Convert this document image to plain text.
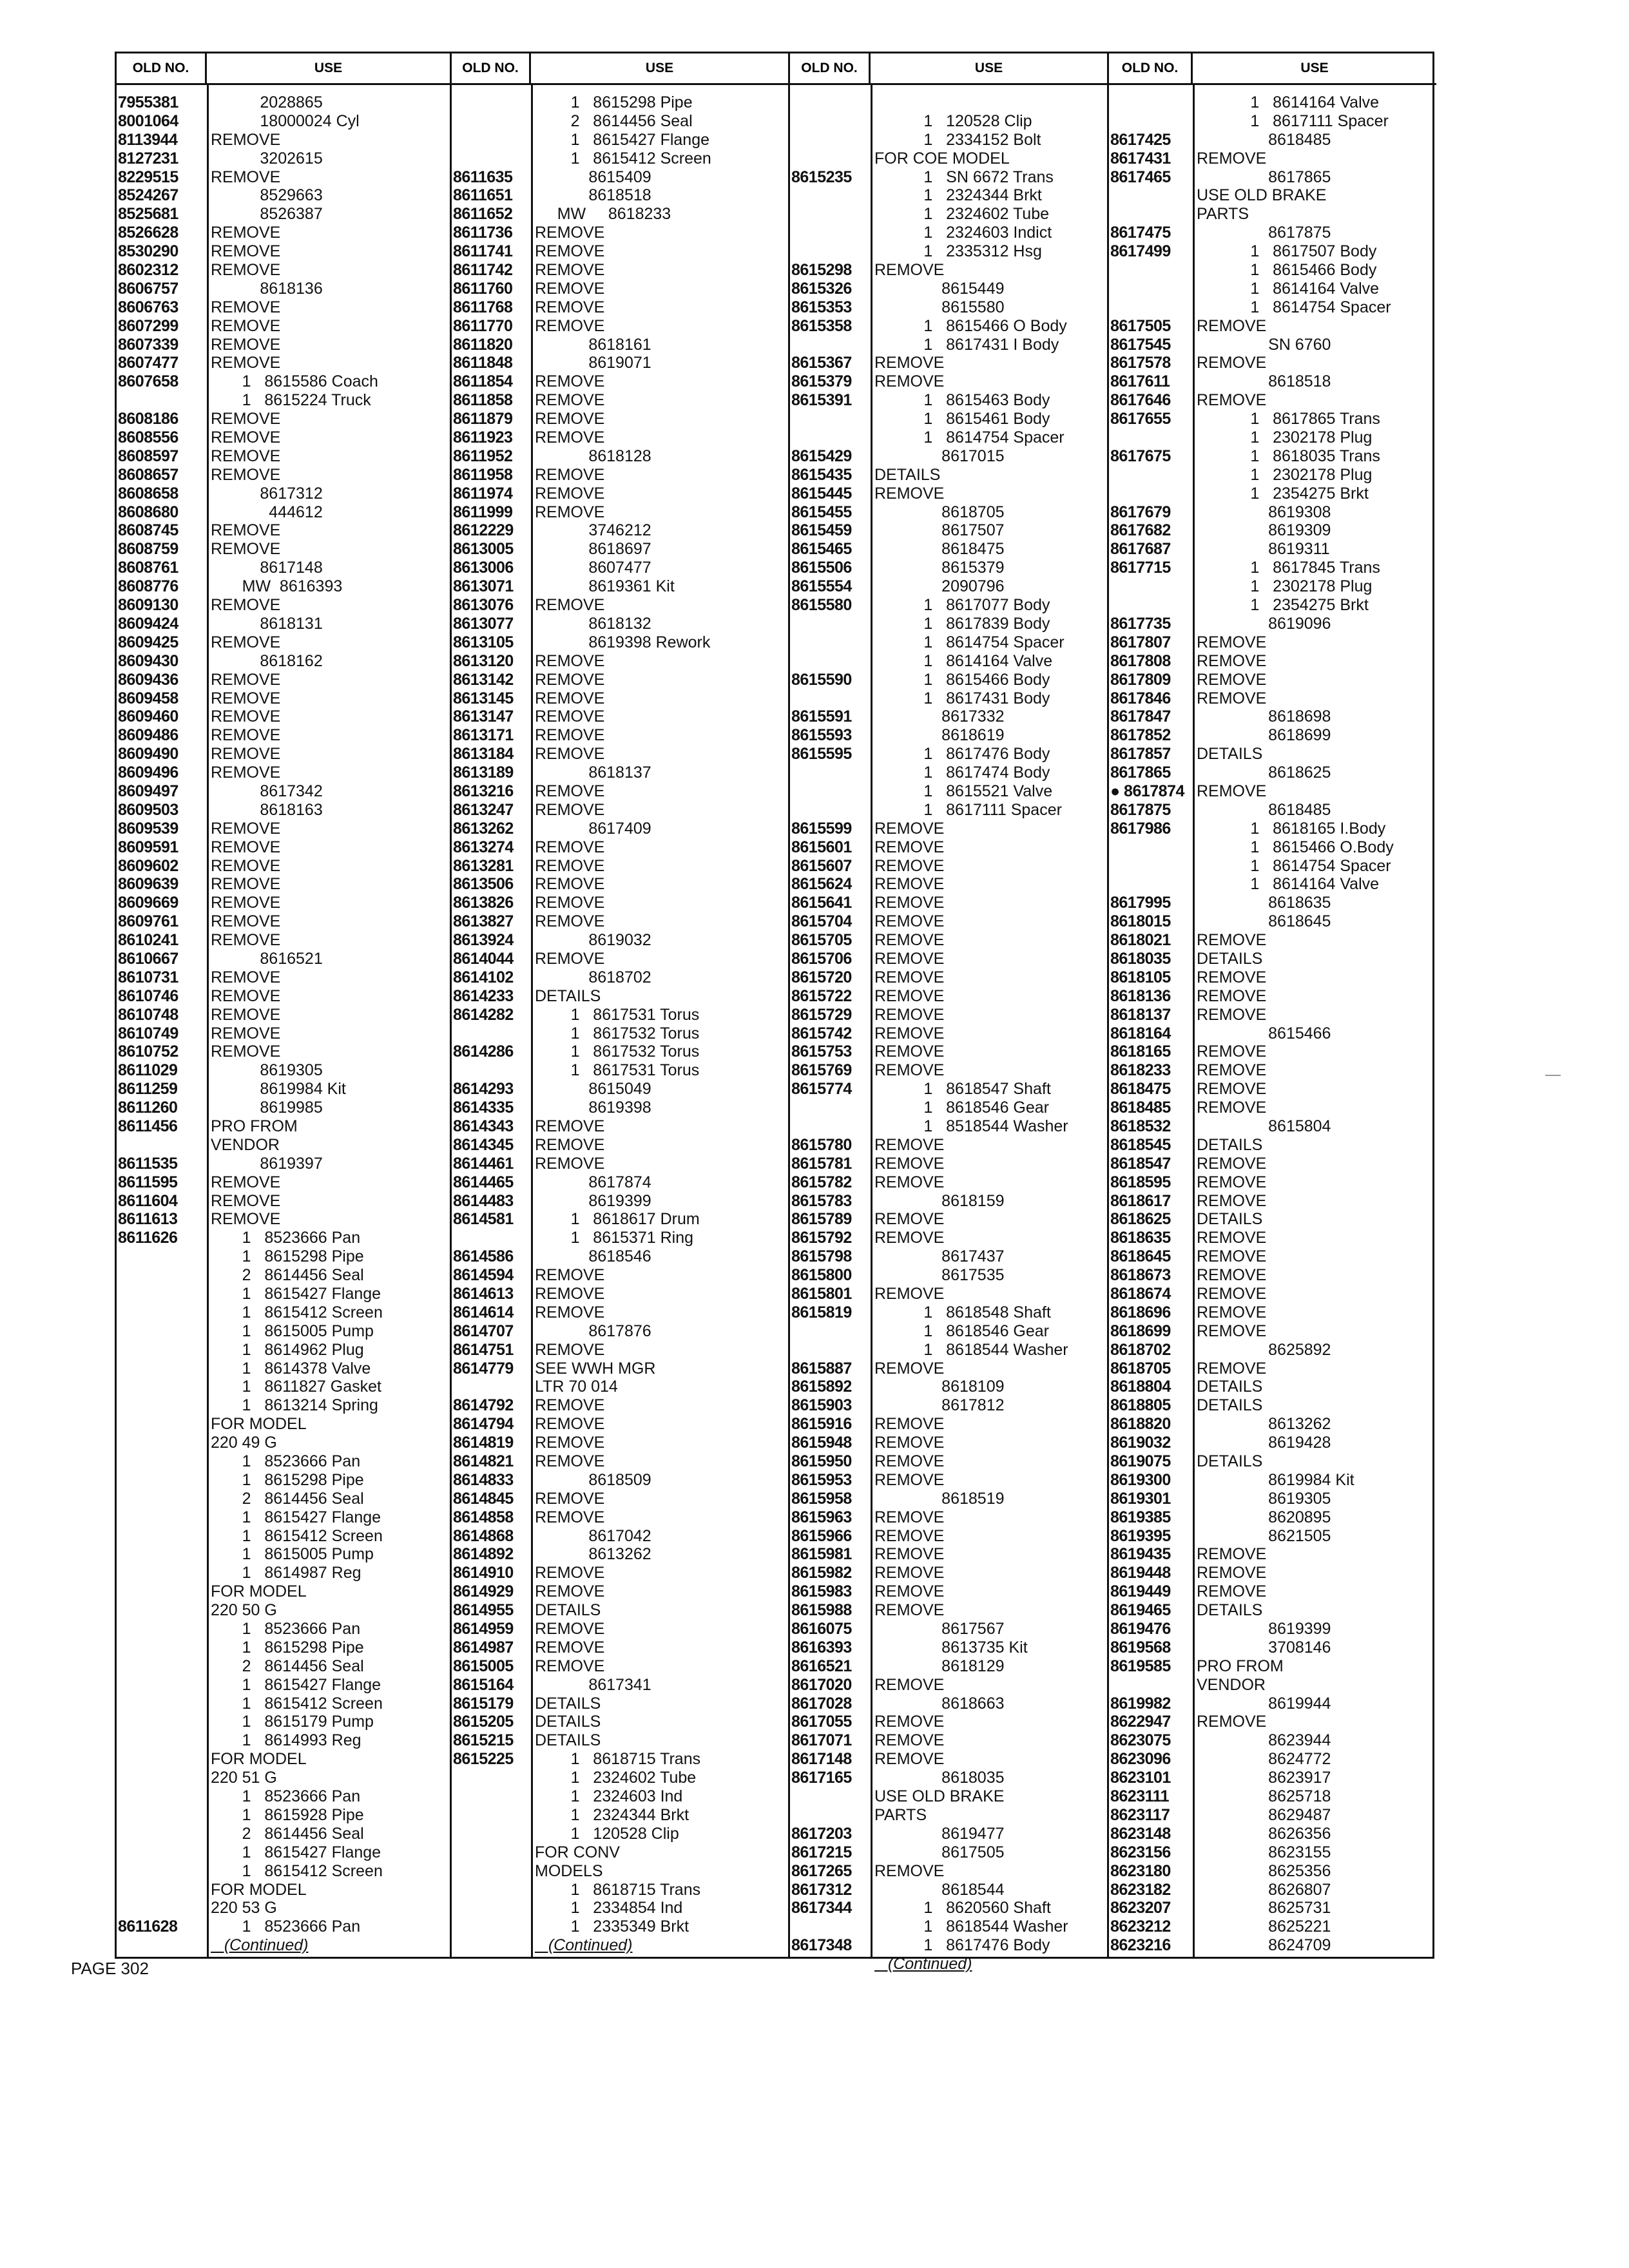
OLD NO.	USE
7955381 2028865
8001064 18000024 Cyl
8113944 REMOVE
8127231 3202615
8229515 REMOVE
8524267 8529663
8525681 8526387
8526628 REMOVE
8530290 REMOVE
8602312 REMOVE
8606757 8618136
8606763 REMOVE
8607299 REMOVE
8607339 REMOVE
8607477 REMOVE
8607658 1   8615586 Coach
1   8615224 Truck
8608186 REMOVE
8608556 REMOVE
8608597 REMOVE
8608657 REMOVE
8608658 8617312
8608680 444612
8608745 REMOVE
8608759 REMOVE
8608761 8617148
8608776 MW  8616393
8609130 REMOVE
8609424 8618131
8609425 REMOVE
8609430 8618162
8609436 REMOVE
8609458 REMOVE
8609460 REMOVE
8609486 REMOVE
8609490 REMOVE
8609496 REMOVE
8609497 8617342
8609503 8618163
8609539 REMOVE
8609591 REMOVE
8609602 REMOVE
8609639 REMOVE
8609669 REMOVE
8609761 REMOVE
8610241 REMOVE
8610667 8616521
8610731 REMOVE
8610746 REMOVE
8610748 REMOVE
8610749 REMOVE
8610752 REMOVE
8611029 8619305
8611259 8619984 Kit
8611260 8619985
8611456 PRO FROM
VENDOR
8611535 8619397
8611595 REMOVE
8611604 REMOVE
8611613 REMOVE
8611626 1   8523666 Pan
1   8615298 Pipe
2   8614456 Seal
1   8615427 Flange
1   8615412 Screen
1   8615005 Pump
1   8614962 Plug
1   8614378 Valve
1   8611827 Gasket
1   8613214 Spring
FOR MODEL
220 49 G
1   8523666 Pan
1   8615298 Pipe
2   8614456 Seal
1   8615427 Flange
1   8615412 Screen
1   8615005 Pump
1   8614987 Reg
FOR MODEL
220 50 G
1   8523666 Pan
1   8615298 Pipe
2   8614456 Seal
1   8615427 Flange
1   8615412 Screen
1   8615179 Pump
1   8614993 Reg
FOR MODEL
220 51 G
1   8523666 Pan
1   8615928 Pipe
2   8614456 Seal
1   8615427 Flange
1   8615412 Screen
FOR MODEL
220 53 G
8611628 1   8523666 Pan
(Continued)
OLD NO.	USE
1   8615298 Pipe
2   8614456 Seal
1   8615427 Flange
1   8615412 Screen
8611635 8615409
8611651 8618518
8611652 MW     8618233
8611736 REMOVE
8611741 REMOVE
8611742 REMOVE
8611760 REMOVE
8611768 REMOVE
8611770 REMOVE
8611820 8618161
8611848 8619071
8611854 REMOVE
8611858 REMOVE
8611879 REMOVE
8611923 REMOVE
8611952 8618128
8611958 REMOVE
8611974 REMOVE
8611999 REMOVE
8612229 3746212
8613005 8618697
8613006 8607477
8613071 8619361 Kit
8613076 REMOVE
8613077 8618132
8613105 8619398 Rework
8613120 REMOVE
8613142 REMOVE
8613145 REMOVE
8613147 REMOVE
8613171 REMOVE
8613184 REMOVE
8613189 8618137
8613216 REMOVE
8613247 REMOVE
8613262 8617409
8613274 REMOVE
8613281 REMOVE
8613506 REMOVE
8613826 REMOVE
8613827 REMOVE
8613924 8619032
8614044 REMOVE
8614102 8618702
8614233 DETAILS
8614282 1   8617531 Torus
1   8617532 Torus
8614286 1   8617532 Torus
1   8617531 Torus
8614293 8615049
8614335 8619398
8614343 REMOVE
8614345 REMOVE
8614461 REMOVE
8614465 8617874
8614483 8619399
8614581 1   8618617 Drum
1   8615371 Ring
8614586 8618546
8614594 REMOVE
8614613 REMOVE
8614614 REMOVE
8614707 8617876
8614751 REMOVE
8614779 SEE WWH MGR
LTR 70 014
8614792 REMOVE
8614794 REMOVE
8614819 REMOVE
8614821 REMOVE
8614833 8618509
8614845 REMOVE
8614858 REMOVE
8614868 8617042
8614892 8613262
8614910 REMOVE
8614929 REMOVE
8614955 DETAILS
8614959 REMOVE
8614987 REMOVE
8615005 REMOVE
8615164 8617341
8615179 DETAILS
8615205 DETAILS
8615215 DETAILS
8615225 1   8618715 Trans
1   2324602 Tube
1   2324603 Ind
1   2324344 Brkt
1   120528 Clip
FOR CONV
MODELS
1   8618715 Trans
1   2334854 Ind
1   2335349 Brkt
(Continued)
OLD NO.	USE
1   120528 Clip
1   2334152 Bolt
FOR COE MODEL
8615235 1   SN 6672 Trans
1   2324344 Brkt
1   2324602 Tube
1   2324603 Indict
1   2335312 Hsg
8615298 REMOVE
8615326 8615449
8615353 8615580
8615358 1   8615466 O Body
1   8617431 I Body
8615367 REMOVE
8615379 REMOVE
8615391 1   8615463 Body
1   8615461 Body
1   8614754 Spacer
8615429 8617015
8615435 DETAILS
8615445 REMOVE
8615455 8618705
8615459 8617507
8615465 8618475
8615506 8615379
8615554 2090796
8615580 1   8617077 Body
1   8617839 Body
1   8614754 Spacer
1   8614164 Valve
8615590 1   8615466 Body
1   8617431 Body
8615591 8617332
8615593 8618619
8615595 1   8617476 Body
1   8617474 Body
1   8615521 Valve
1   8617111 Spacer
8615599 REMOVE
8615601 REMOVE
8615607 REMOVE
8615624 REMOVE
8615641 REMOVE
8615704 REMOVE
8615705 REMOVE
8615706 REMOVE
8615720 REMOVE
8615722 REMOVE
8615729 REMOVE
8615742 REMOVE
8615753 REMOVE
8615769 REMOVE
8615774 1   8618547 Shaft
1   8618546 Gear
1   8518544 Washer
8615780 REMOVE
8615781 REMOVE
8615782 REMOVE
8615783 8618159
8615789 REMOVE
8615792 REMOVE
8615798 8617437
8615800 8617535
8615801 REMOVE
8615819 1   8618548 Shaft
1   8618546 Gear
1   8618544 Washer
8615887 REMOVE
8615892 8618109
8615903 8617812
8615916 REMOVE
8615948 REMOVE
8615950 REMOVE
8615953 REMOVE
8615958 8618519
8615963 REMOVE
8615966 REMOVE
8615981 REMOVE
8615982 REMOVE
8615983 REMOVE
8615988 REMOVE
8616075 8617567
8616393 8613735 Kit
8616521 8618129
8617020 REMOVE
8617028 8618663
8617055 REMOVE
8617071 REMOVE
8617148 REMOVE
8617165 8618035
USE OLD BRAKE
PARTS
8617203 8619477
8617215 8617505
8617265 REMOVE
8617312 8618544
8617344 1   8620560 Shaft
1   8618544 Washer
8617348 1   8617476 Body
(Continued)
OLD NO.	USE
1   8614164 Valve
1   8617111 Spacer
8617425 8618485
8617431 REMOVE
8617465 8617865
USE OLD BRAKE
PARTS
8617475 8617875
8617499 1   8617507 Body
1   8615466 Body
1   8614164 Valve
1   8614754 Spacer
8617505 REMOVE
8617545 SN 6760
8617578 REMOVE
8617611 8618518
8617646 REMOVE
8617655 1   8617865 Trans
1   2302178 Plug
8617675 1   8618035 Trans
1   2302178 Plug
1   2354275 Brkt
8617679 8619308
8617682 8619309
8617687 8619311
8617715 1   8617845 Trans
1   2302178 Plug
1   2354275 Brkt
8617735 8619096
8617807 REMOVE
8617808 REMOVE
8617809 REMOVE
8617846 REMOVE
8617847 8618698
8617852 8618699
8617857 DETAILS
8617865 8618625
● 8617874 REMOVE
8617875 8618485
8617986 1   8618165 I.Body
1   8615466 O.Body
1   8614754 Spacer
1   8614164 Valve
8617995 8618635
8618015 8618645
8618021 REMOVE
8618035 DETAILS
8618105 REMOVE
8618136 REMOVE
8618137 REMOVE
8618164 8615466
8618165 REMOVE
8618233 REMOVE
8618475 REMOVE
8618485 REMOVE
8618532 8615804
8618545 DETAILS
8618547 REMOVE
8618595 REMOVE
8618617 REMOVE
8618625 DETAILS
8618635 REMOVE
8618645 REMOVE
8618673 REMOVE
8618674 REMOVE
8618696 REMOVE
8618699 REMOVE
8618702 8625892
8618705 REMOVE
8618804 DETAILS
8618805 DETAILS
8618820 8613262
8619032 8619428
8619075 DETAILS
8619300 8619984 Kit
8619301 8619305
8619385 8620895
8619395 8621505
8619435 REMOVE
8619448 REMOVE
8619449 REMOVE
8619465 DETAILS
8619476 8619399
8619568 3708146
8619585 PRO FROM
VENDOR
8619982 8619944
8622947 REMOVE
8623075 8623944
8623096 8624772
8623101 8623917
8623111 8625718
8623117 8629487
8623148 8626356
8623156 8623155
8623180 8625356
8623182 8626807
8623207 8625731
8623212 8625221
8623216 8624709
PAGE 302
